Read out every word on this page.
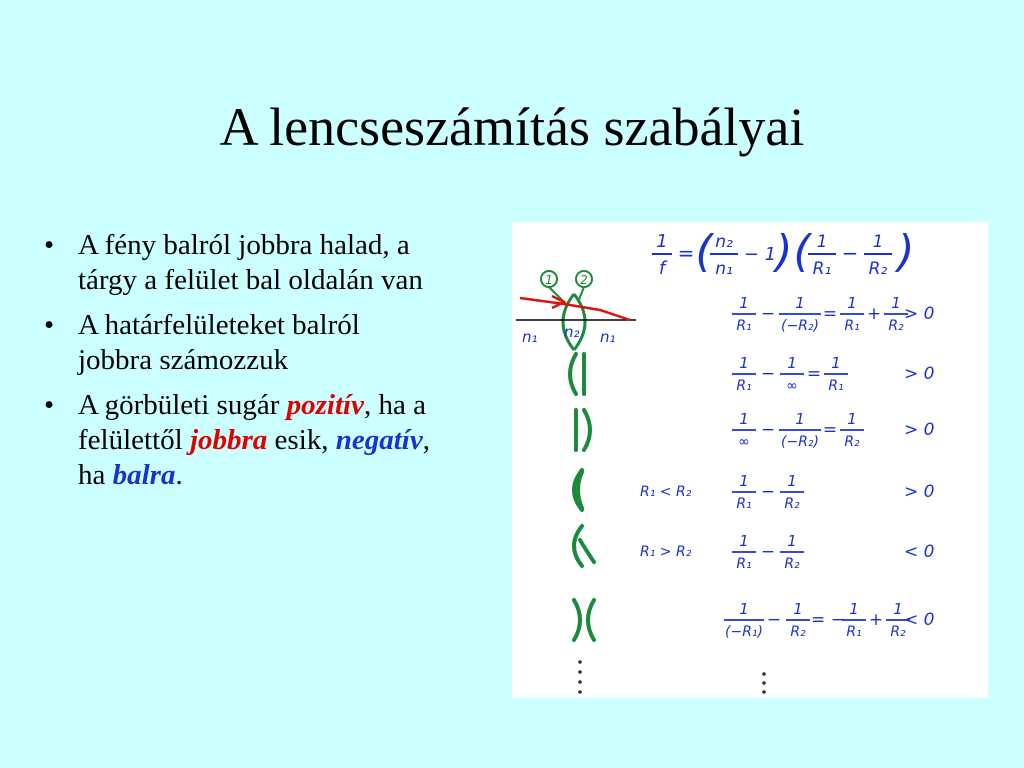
A lencseszámítás szabályai
• A fény balról jobbra halad, a tárgy a felület bal oldalán van
• A határfelületeket balról jobbra számozzuk
• A görbületi sugár pozitív, ha a felülettől jobbra esik, negatív, ha balra.
1 2
n₁ n₂ n₁
1
f
= ( n₂
n₁
− 1 ) ( 1
R₁
− 1
R₂ )
1
R₁
−
1
(−R₂)
=
1
R₁
+
1
R₂
> 0
1
R₁
−
1
∞
=
1
R₁
> 0
1
∞
−
1
(−R₂)
=
1
R₂
> 0
R₁ < R₂
1
R₁
−
1
R₂
> 0
R₁ > R₂
1
R₁
−
1
R₂
< 0
1
(−R₁)
−
1
R₂
= −
1
R₁
+
1
R₂
< 0
